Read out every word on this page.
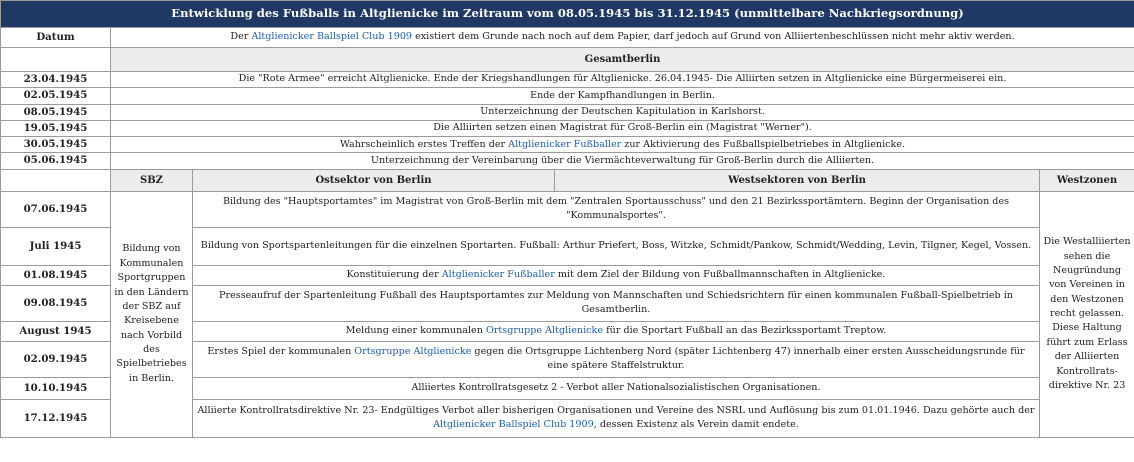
Entwicklung des Fußballs in Altglienicke im Zeitraum vom 08.05.1945 bis 31.12.1945 (unmittelbare Nachkriegsordnung)				
Datum	Der Altglienicker Ballspiel Club 1909 existiert dem Grunde nach noch auf dem Papier, darf jedoch auf Grund von Alliiertenbeschlüssen nicht mehr aktiv werden.			
	Gesamtberlin			
23.04.1945	Die "Rote Armee" erreicht Altglienicke. Ende der Kriegshandlungen für Altglienicke. 26.04.1945- Die Alliirten setzen in Altglienicke eine Bürgermeiserei ein.			
02.05.1945	Ende der Kampfhandlungen in Berlin.			
08.05.1945	Unterzeichnung der Deutschen Kapitulation in Karlshorst.			
19.05.1945	Die Alliirten setzen einen Magistrat für Groß-Berlin ein (Magistrat "Werner").			
30.05.1945	Wahrscheinlich erstes Treffen der Altglienicker Fußballer zur Aktivierung des Fußballspielbetriebes in Altglienicke.			
05.06.1945	Unterzeichnung der Vereinbarung über die Viermächteverwaltung für Groß-Berlin durch die Alliierten.			
	SBZ	Ostsektor von Berlin	Westsektoren von Berlin	Westzonen
07.06.1945	Bildung von Kommunalen Sportgruppen in den Ländern der SBZ auf Kreisebene nach Vorbild des Spielbetriebes in Berlin.	Bildung des "Hauptsportamtes" im Magistrat von Groß-Berlin mit dem "Zentralen Sportausschuss" und den 21 Bezirkssportämtern. Beginn der Organisation des "Kommunalsportes".		Die Westalliierten sehen die Neugründung von Vereinen in den Westzonen recht gelassen. Diese Haltung führt zum Erlass der Alliierten Kontrollrats-direktive Nr. 23
Juli 1945		Bildung von Sportspartenleitungen für die einzelnen Sportarten. Fußball: Arthur Priefert, Boss, Witzke, Schmidt/Pankow, Schmidt/Wedding, Levin, Tilgner, Kegel, Vossen.		
01.08.1945		Konstituierung der Altglienicker Fußballer mit dem Ziel der Bildung von Fußballmannschaften in Altglienicke.		
09.08.1945		Presseaufruf der Spartenleitung Fußball des Hauptsportamtes zur Meldung von Mannschaften und Schiedsrichtern für einen kommunalen Fußball-Spielbetrieb in Gesamtberlin.		
August 1945		Meldung einer kommunalen Ortsgruppe Altglienicke für die Sportart Fußball an das Bezirkssportamt Treptow.		
02.09.1945		Erstes Spiel der kommunalen Ortsgruppe Altglienicke gegen die Ortsgruppe Lichtenberg Nord (später Lichtenberg 47) innerhalb einer ersten Ausscheidungsrunde für eine spätere Staffelstruktur.		
10.10.1945		Alliiertes Kontrollratsgesetz 2 - Verbot aller Nationalsozialistischen Organisationen.		
17.12.1945		Alliierte Kontrollratsdirektive Nr. 23- Endgültiges Verbot aller bisherigen Organisationen und Vereine des NSRL und Auflösung bis zum 01.01.1946. Dazu gehörte auch der Altglienicker Ballspiel Club 1909, dessen Existenz als Verein damit endete.		
